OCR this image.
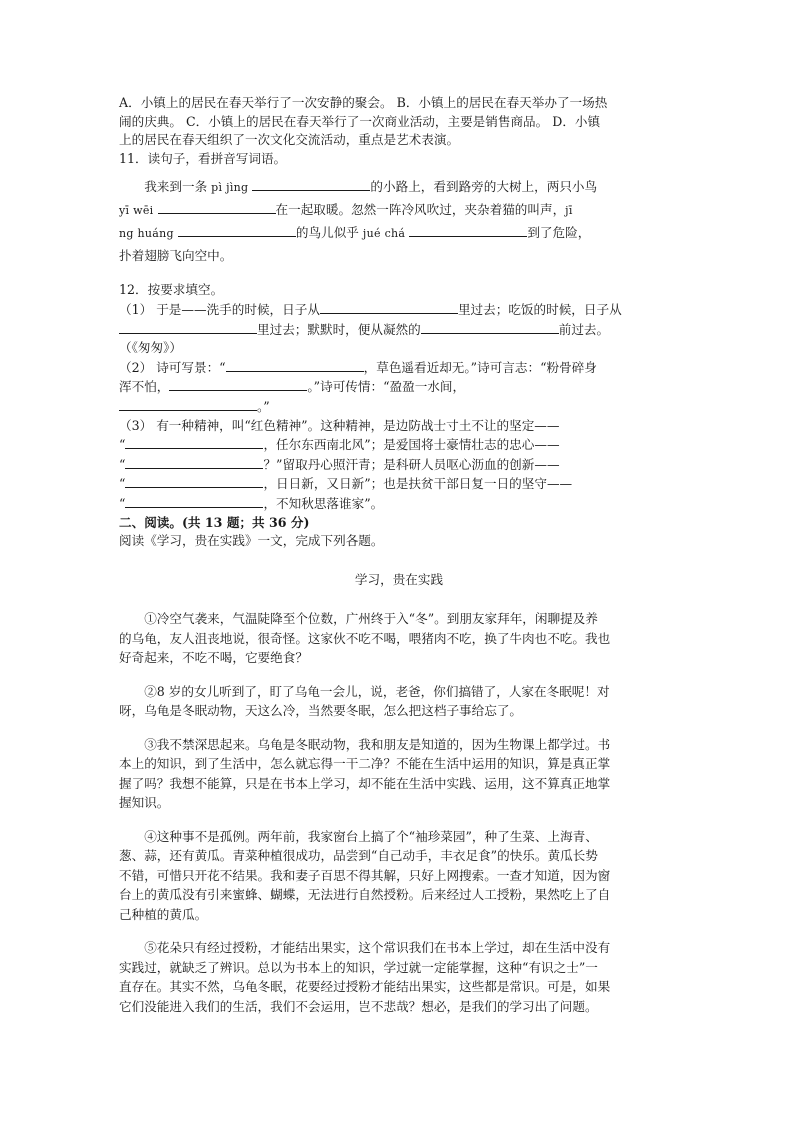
A．小镇上的居民在春天举行了一次安静的聚会。 B．小镇上的居民在春天举办了一场热

闹的庆典。 C．小镇上的居民在春天举行了一次商业活动，主要是销售商品。 D．小镇

上的居民在春天组织了一次文化交流活动，重点是艺术表演。

11．读句子，看拼音写词语。

我来到一条 pì jìng	的小路上，看到路旁的大树上，两只小鸟

yī wēi	在一起取暖。忽然一阵冷风吹过，夹杂着猫的叫声，jī

ng huáng	的鸟儿似乎 jué chá	到了危险，

扑着翅膀飞向空中。

12．按要求填空。

（1） 于是——洗手的时候，日子从	里过去；吃饭的时候，日子从

里过去；默默时，便从凝然的	前过去。

（《匆匆》）

（2） 诗可写景：“	，草色遥看近却无。”诗可言志：“粉骨碎身

浑不怕，	。”诗可传情：“盈盈一水间，

。”

（3） 有一种精神，叫“红色精神”。这种精神，是边防战士寸土不让的坚定——

“	，任尔东西南北风”；是爱国将士豪情壮志的忠心——

“	？”留取丹心照汗青；是科研人员呕心沥血的创新——

“	，日日新，又日新”；也是扶贫干部日复一日的坚守——

“	，不知秋思落谁家”。

二、阅读。(共 13 题；共 36 分)

阅读《学习，贵在实践》一文，完成下列各题。

学习，贵在实践

①冷空气袭来，气温陡降至个位数，广州终于入“冬”。到朋友家拜年，闲聊提及养

的乌龟，友人沮丧地说，很奇怪。这家伙不吃不喝，喂猪肉不吃，换了牛肉也不吃。我也

好奇起来，不吃不喝，它要绝食？

②8 岁的女儿听到了，盯了乌龟一会儿，说，老爸，你们搞错了，人家在冬眠呢！对

呀，乌龟是冬眠动物，天这么冷，当然要冬眠，怎么把这档子事给忘了。

③我不禁深思起来。乌龟是冬眠动物，我和朋友是知道的，因为生物课上都学过。书

本上的知识，到了生活中，怎么就忘得一干二净？不能在生活中运用的知识，算是真正掌

握了吗？我想不能算，只是在书本上学习，却不能在生活中实践、运用，这不算真正地掌

握知识。

④这种事不是孤例。两年前，我家窗台上搞了个“袖珍菜园”，种了生菜、上海青、

葱、蒜，还有黄瓜。青菜种植很成功，品尝到“自己动手，丰衣足食”的快乐。黄瓜长势

不错，可惜只开花不结果。我和妻子百思不得其解，只好上网搜索。一查才知道，因为窗

台上的黄瓜没有引来蜜蜂、蝴蝶，无法进行自然授粉。后来经过人工授粉，果然吃上了自

己种植的黄瓜。

⑤花朵只有经过授粉，才能结出果实，这个常识我们在书本上学过，却在生活中没有

实践过，就缺乏了辨识。总以为书本上的知识，学过就一定能掌握，这种“有识之士”一

直存在。其实不然，乌龟冬眠，花要经过授粉才能结出果实，这些都是常识。可是，如果

它们没能进入我们的生活，我们不会运用，岂不悲哉？想必，是我们的学习出了问题。
